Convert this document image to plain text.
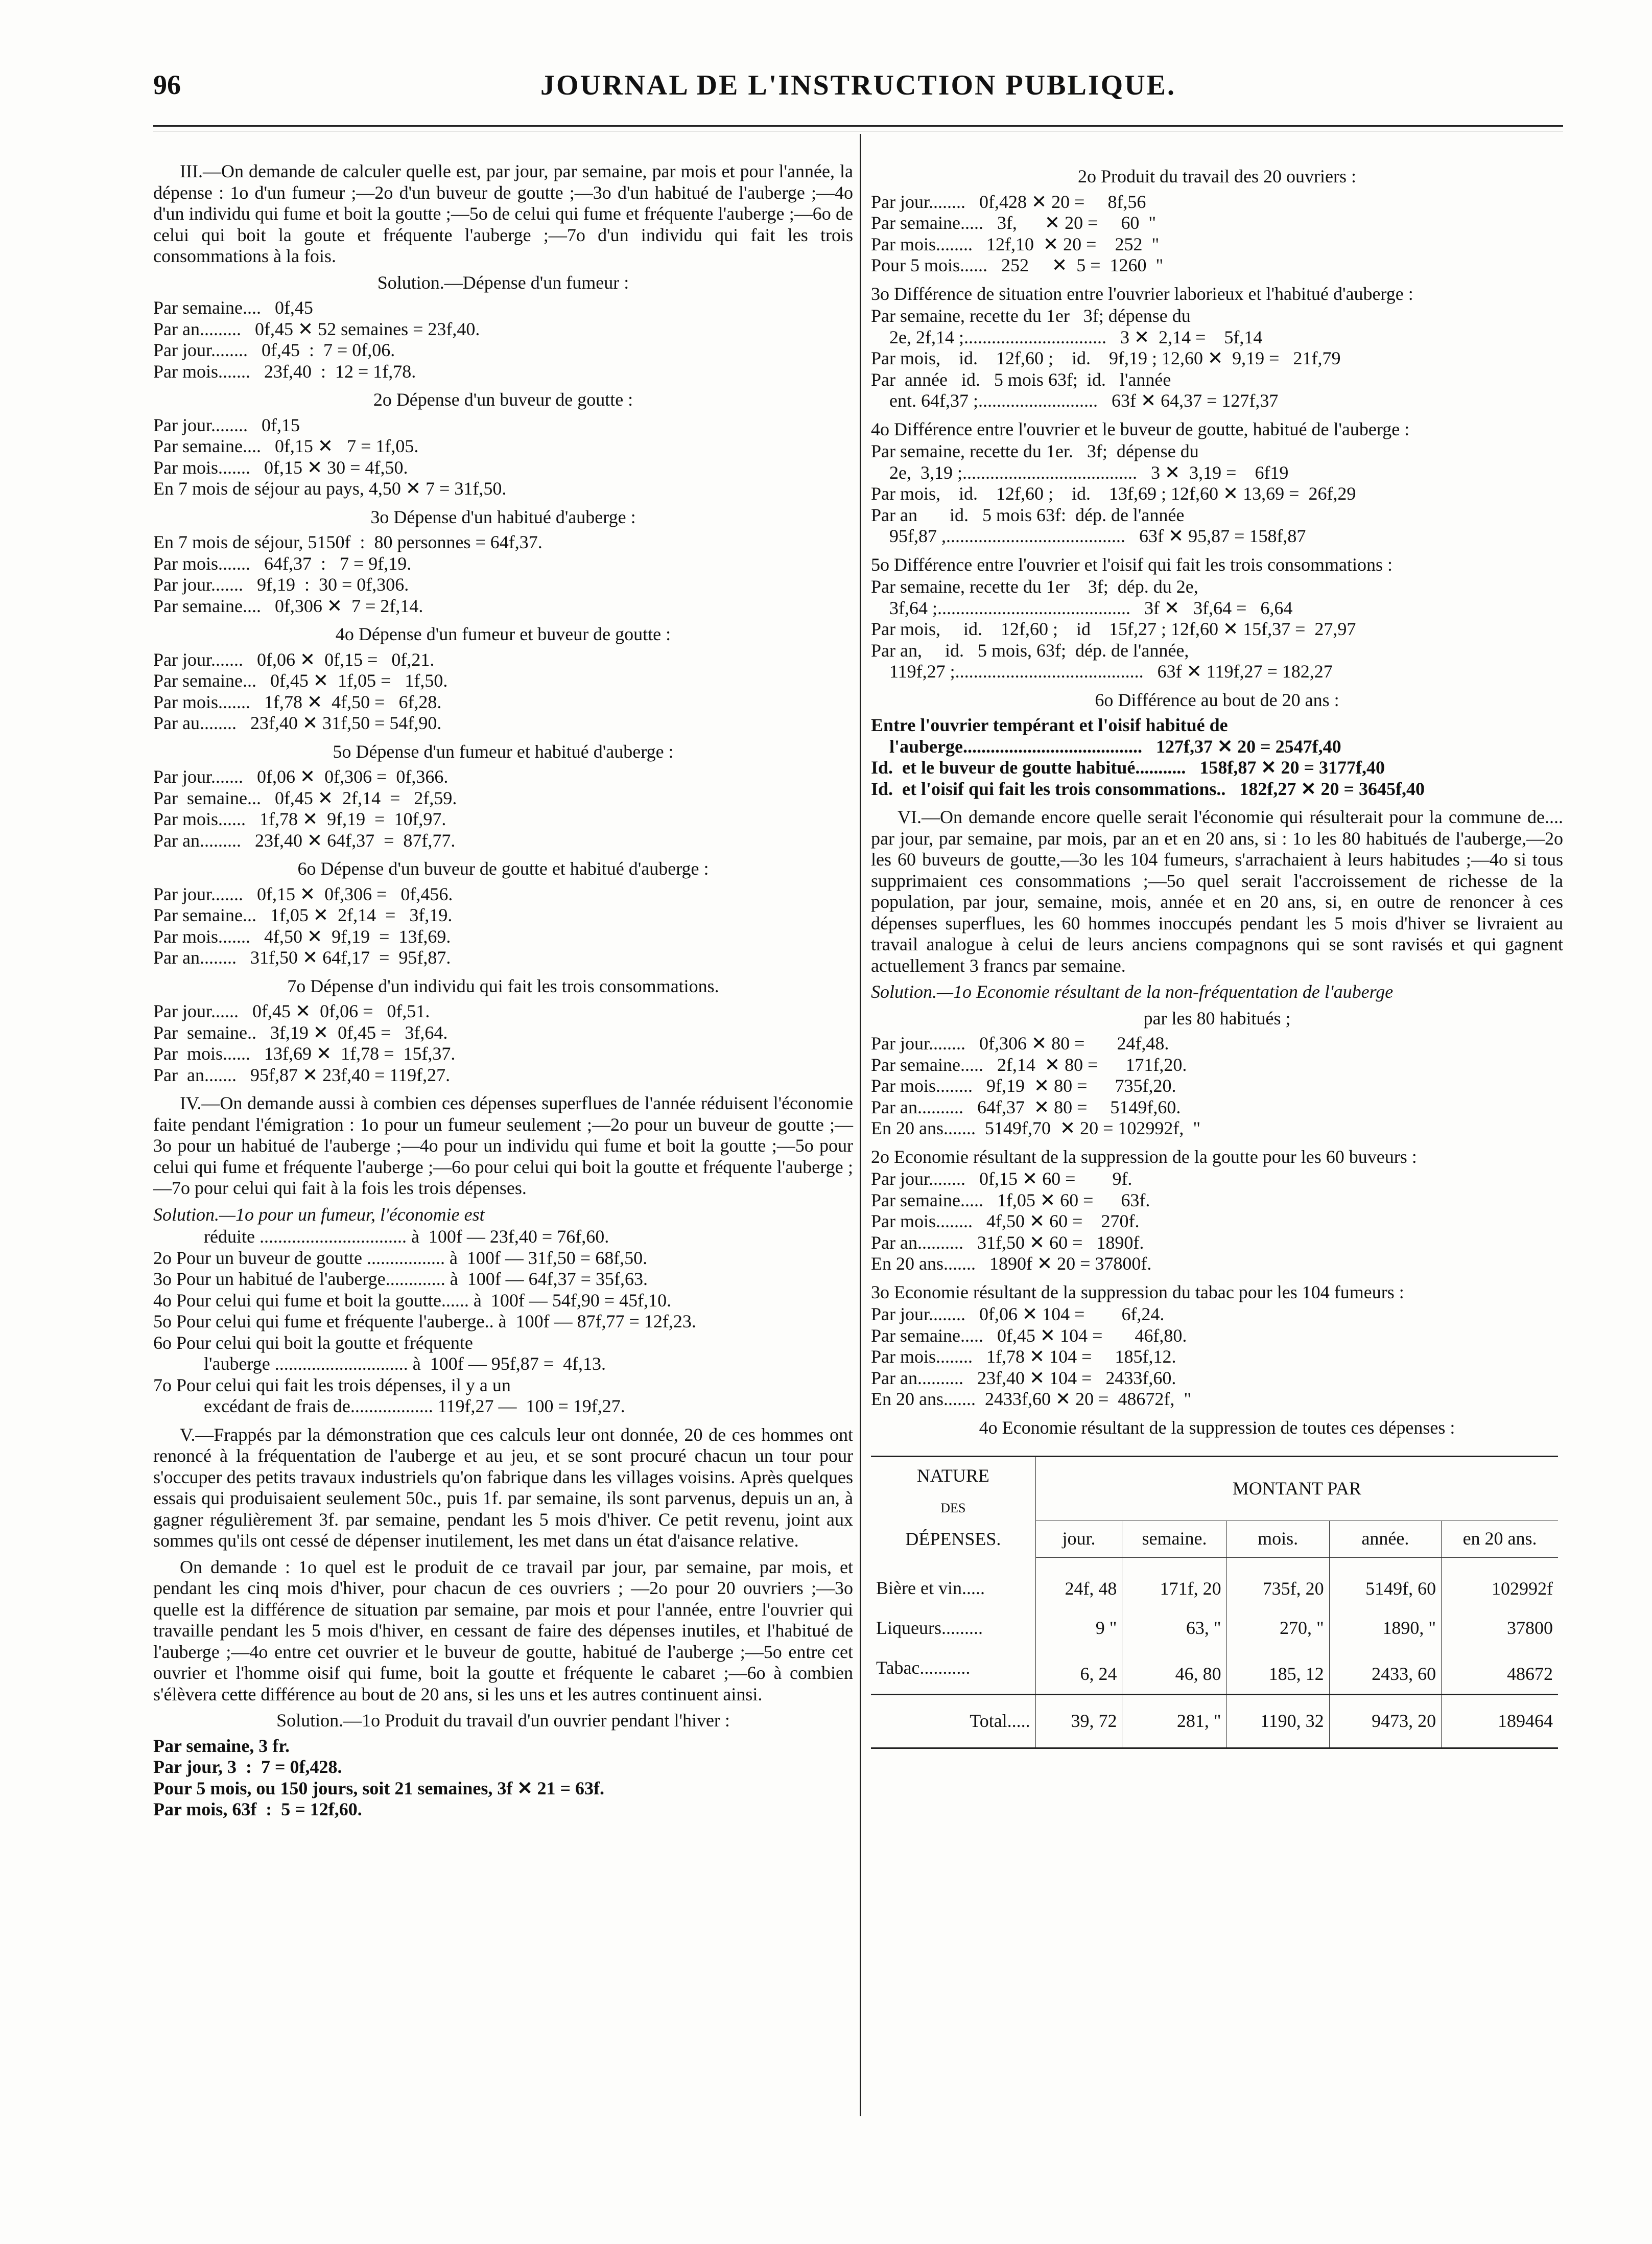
96	JOURNAL DE L'INSTRUCTION PUBLIQUE.

III.—On demande de calculer quelle est, par jour, par semaine, par mois et pour l'année, la dépense : 1o d'un fumeur ;—2o d'un buveur de goutte ;—3o d'un habitué de l'auberge ;—4o d'un individu qui fume et boit la goutte ;—5o de celui qui fume et fréquente l'auberge ;—6o de celui qui boit la goute et fréquente l'auberge ;—7o d'un individu qui fait les trois consommations à la fois.

Solution.—Dépense d'un fumeur :
Par semaine....   0f,45
Par an.........   0f,45 ✕ 52 semaines = 23f,40.
Par jour........   0f,45  :  7 = 0f,06.
Par mois.......   23f,40  :  12 = 1f,78.
2o Dépense d'un buveur de goutte :
Par jour........   0f,15
Par semaine....   0f,15 ✕   7 = 1f,05.
Par mois.......   0f,15 ✕ 30 = 4f,50.
En 7 mois de séjour au pays, 4,50 ✕ 7 = 31f,50.
3o Dépense d'un habitué d'auberge :
En 7 mois de séjour, 5150f  :  80 personnes = 64f,37.
Par mois.......   64f,37  :   7 = 9f,19.
Par jour.......   9f,19  :  30 = 0f,306.
Par semaine....   0f,306 ✕  7 = 2f,14.
4o Dépense d'un fumeur et buveur de goutte :
Par jour.......   0f,06 ✕  0f,15 =   0f,21.
Par semaine...   0f,45 ✕  1f,05 =   1f,50.
Par mois.......   1f,78 ✕  4f,50 =   6f,28.
Par au........   23f,40 ✕ 31f,50 = 54f,90.
5o Dépense d'un fumeur et habitué d'auberge :
Par jour.......   0f,06 ✕  0f,306 =  0f,366.
Par  semaine...   0f,45 ✕  2f,14  =   2f,59.
Par mois......   1f,78 ✕  9f,19  =  10f,97.
Par an.........   23f,40 ✕ 64f,37  =  87f,77.
6o Dépense d'un buveur de goutte et habitué d'auberge :
Par jour.......   0f,15 ✕  0f,306 =   0f,456.
Par semaine...   1f,05 ✕  2f,14  =   3f,19.
Par mois.......   4f,50 ✕  9f,19  =  13f,69.
Par an........   31f,50 ✕ 64f,17  =  95f,87.
7o Dépense d'un individu qui fait les trois consommations.
Par jour......   0f,45 ✕  0f,06 =   0f,51.
Par  semaine..   3f,19 ✕  0f,45 =   3f,64.
Par  mois......   13f,69 ✕  1f,78 =  15f,37.
Par  an.......   95f,87 ✕ 23f,40 = 119f,27.

IV.—On demande aussi à combien ces dépenses superflues de l'année réduisent l'économie faite pendant l'émigration : 1o pour un fumeur seulement ;—2o pour un buveur de goutte ;—3o pour un habitué de l'auberge ;—4o pour un individu qui fume et boit la goutte ;—5o pour celui qui fume et fréquente l'auberge ;—6o pour celui qui boit la goutte et fréquente l'auberge ;—7o pour celui qui fait à la fois les trois dépenses.

Solution.—1o pour un fumeur, l'économie est
réduite ................................ à  100f — 23f,40 = 76f,60.
2o Pour un buveur de goutte ................. à  100f — 31f,50 = 68f,50.
3o Pour un habitué de l'auberge............. à  100f — 64f,37 = 35f,63.
4o Pour celui qui fume et boit la goutte...... à  100f — 54f,90 = 45f,10.
5o Pour celui qui fume et fréquente l'auberge.. à  100f — 87f,77 = 12f,23.
6o Pour celui qui boit la goutte et fréquente
l'auberge ............................. à  100f — 95f,87 =  4f,13.
7o Pour celui qui fait les trois dépenses, il y a un
excédant de frais de.................. 119f,27 —  100 = 19f,27.

V.—Frappés par la démonstration que ces calculs leur ont donnée, 20 de ces hommes ont renoncé à la fréquentation de l'auberge et au jeu, et se sont procuré chacun un tour pour s'occuper des petits travaux industriels qu'on fabrique dans les villages voisins. Après quelques essais qui produisaient seulement 50c., puis 1f. par semaine, ils sont parvenus, depuis un an, à gagner régulièrement 3f. par semaine, pendant les 5 mois d'hiver. Ce petit revenu, joint aux sommes qu'ils ont cessé de dépenser inutilement, les met dans un état d'aisance relative.

On demande : 1o quel est le produit de ce travail par jour, par semaine, par mois, et pendant les cinq mois d'hiver, pour chacun de ces ouvriers ; —2o pour 20 ouvriers ;—3o quelle est la différence de situation par semaine, par mois et pour l'année, entre l'ouvrier qui travaille pendant les 5 mois d'hiver, en cessant de faire des dépenses inutiles, et l'habitué de l'auberge ;—4o entre cet ouvrier et le buveur de goutte, habitué de l'auberge ;—5o entre cet ouvrier et l'homme oisif qui fume, boit la goutte et fréquente le cabaret ;—6o à combien s'élèvera cette différence au bout de 20 ans, si les uns et les autres continuent ainsi.

Solution.—1o Produit du travail d'un ouvrier pendant l'hiver :
Par semaine, 3 fr.
Par jour, 3  :  7 = 0f,428.
Pour 5 mois, ou 150 jours, soit 21 semaines, 3f ✕ 21 = 63f.
Par mois, 63f  :  5 = 12f,60.
2o Produit du travail des 20 ouvriers :
Par jour........   0f,428 ✕ 20 =     8f,56
Par semaine.....   3f,      ✕ 20 =     60  "
Par mois........   12f,10  ✕ 20 =    252  "
Pour 5 mois......   252     ✕  5 =  1260  "
3o Différence de situation entre l'ouvrier laborieux et l'habitué d'auberge :
Par semaine, recette du 1er   3f; dépense du
2e, 2f,14 ;...............................   3 ✕  2,14 =    5f,14
Par mois,    id.    12f,60 ;    id.    9f,19 ; 12,60 ✕  9,19 =   21f,79
Par  année   id.   5 mois 63f;  id.   l'année
ent. 64f,37 ;..........................   63f ✕ 64,37 = 127f,37
4o Différence entre l'ouvrier et le buveur de goutte, habitué de l'auberge :
Par semaine, recette du 1er.   3f;  dépense du
2e,  3,19 ;......................................   3 ✕  3,19 =    6f19
Par mois,    id.    12f,60 ;    id.    13f,69 ; 12f,60 ✕ 13,69 =  26f,29
Par an       id.   5 mois 63f:  dép. de l'année
95f,87 ,.......................................   63f ✕ 95,87 = 158f,87
5o Différence entre l'ouvrier et l'oisif qui fait les trois consommations :
Par semaine, recette du 1er    3f;  dép. du 2e,
3f,64 ;..........................................   3f ✕   3f,64 =   6,64
Par mois,     id.    12f,60 ;    id    15f,27 ; 12f,60 ✕ 15f,37 =  27,97
Par an,     id.   5 mois, 63f;  dép. de l'année,
119f,27 ;.........................................   63f ✕ 119f,27 = 182,27
6o Différence au bout de 20 ans :
Entre l'ouvrier tempérant et l'oisif habitué de
l'auberge.......................................   127f,37 ✕ 20 = 2547f,40
Id.  et le buveur de goutte habitué...........   158f,87 ✕ 20 = 3177f,40
Id.  et l'oisif qui fait les trois consommations..   182f,27 ✕ 20 = 3645f,40

VI.—On demande encore quelle serait l'économie qui résulterait pour la commune de.... par jour, par semaine, par mois, par an et en 20 ans, si : 1o les 80 habitués de l'auberge,—2o les 60 buveurs de goutte,—3o les 104 fumeurs, s'arrachaient à leurs habitudes ;—4o si tous supprimaient ces consommations ;—5o quel serait l'accroissement de richesse de la population, par jour, semaine, mois, année et en 20 ans, si, en outre de renoncer à ces dépenses superflues, les 60 hommes inoccupés pendant les 5 mois d'hiver se livraient au travail analogue à celui de leurs anciens compagnons qui se sont ravisés et qui gagnent actuellement 3 francs par semaine.

Solution.—1o Economie résultant de la non-fréquentation de l'auberge
par les 80 habitués ;
Par jour........   0f,306 ✕ 80 =       24f,48.
Par semaine.....   2f,14  ✕ 80 =      171f,20.
Par mois........   9f,19  ✕ 80 =      735f,20.
Par an..........   64f,37  ✕ 80 =     5149f,60.
En 20 ans.......  5149f,70  ✕ 20 = 102992f,  "
2o Economie résultant de la suppression de la goutte pour les 60 buveurs :
Par jour........   0f,15 ✕ 60 =        9f.
Par semaine.....   1f,05 ✕ 60 =      63f.
Par mois........   4f,50 ✕ 60 =    270f.
Par an..........   31f,50 ✕ 60 =   1890f.
En 20 ans.......   1890f ✕ 20 = 37800f.
3o Economie résultant de la suppression du tabac pour les 104 fumeurs :
Par jour........   0f,06 ✕ 104 =        6f,24.
Par semaine.....   0f,45 ✕ 104 =       46f,80.
Par mois........   1f,78 ✕ 104 =     185f,12.
Par an..........   23f,40 ✕ 104 =   2433f,60.
En 20 ans.......  2433f,60 ✕ 20 =  48672f,  "
4o Economie résultant de la suppression de toutes ces dépenses :
NATURE
DES
DÉPENSES.	MONTANT PAR				
	jour.	semaine.	mois.	année.	en 20 ans.
Bière et vin.....	24f, 48	171f, 20	735f, 20	5149f, 60	102992f
Liqueurs.........	9 "	63, "	270, "	1890, "	37800
Tabac...........	6, 24	46, 80	185, 12	2433, 60	48672
Total.....	39, 72	281, "	1190, 32	9473, 20	189464
